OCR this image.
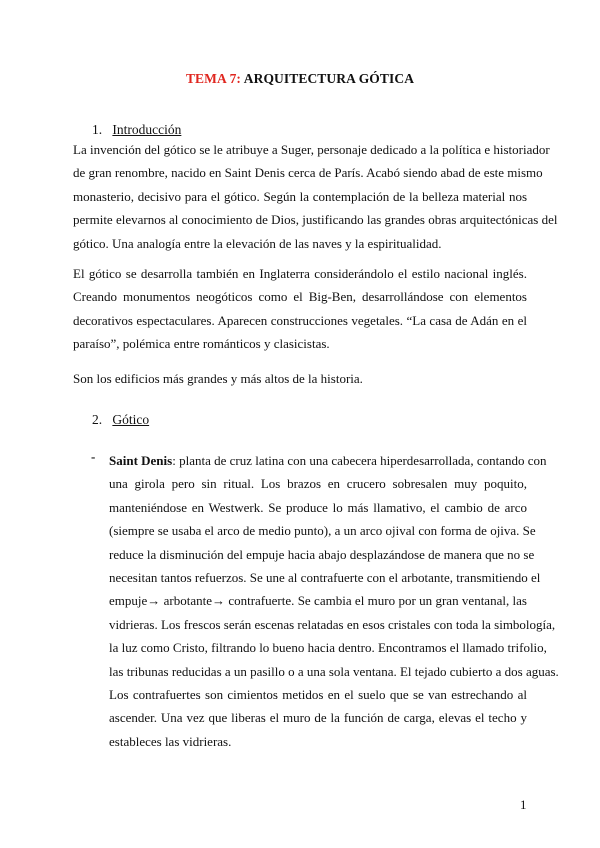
TEMA 7: ARQUITECTURA GÓTICA
1. Introducción
La invención del gótico se le atribuye a Suger, personaje dedicado a la política e historiador
de gran renombre, nacido en Saint Denis cerca de París. Acabó siendo abad de este mismo
monasterio, decisivo para el gótico. Según la contemplación de la belleza material nos
permite elevarnos al conocimiento de Dios, justificando las grandes obras arquitectónicas del
gótico. Una analogía entre la elevación de las naves y la espiritualidad.
El gótico se desarrolla también en Inglaterra considerándolo el estilo nacional inglés.
Creando monumentos neogóticos como el Big-Ben, desarrollándose con elementos
decorativos espectaculares. Aparecen construcciones vegetales. “La casa de Adán en el
paraíso”, polémica entre románticos y clasicistas.
Son los edificios más grandes y más altos de la historia.
2. Gótico
- Saint Denis: planta de cruz latina con una cabecera hiperdesarrollada, contando con
una girola pero sin ritual. Los brazos en crucero sobresalen muy poquito,
manteniéndose en Westwerk. Se produce lo más llamativo, el cambio de arco
(siempre se usaba el arco de medio punto), a un arco ojival con forma de ojiva. Se
reduce la disminución del empuje hacia abajo desplazándose de manera que no se
necesitan tantos refuerzos. Se une al contrafuerte con el arbotante, transmitiendo el
empuje→ arbotante→ contrafuerte. Se cambia el muro por un gran ventanal, las
vidrieras. Los frescos serán escenas relatadas en esos cristales con toda la simbología,
la luz como Cristo, filtrando lo bueno hacia dentro. Encontramos el llamado trifolio,
las tribunas reducidas a un pasillo o a una sola ventana. El tejado cubierto a dos aguas.
Los contrafuertes son cimientos metidos en el suelo que se van estrechando al
ascender. Una vez que liberas el muro de la función de carga, elevas el techo y
estableces las vidrieras.
1
